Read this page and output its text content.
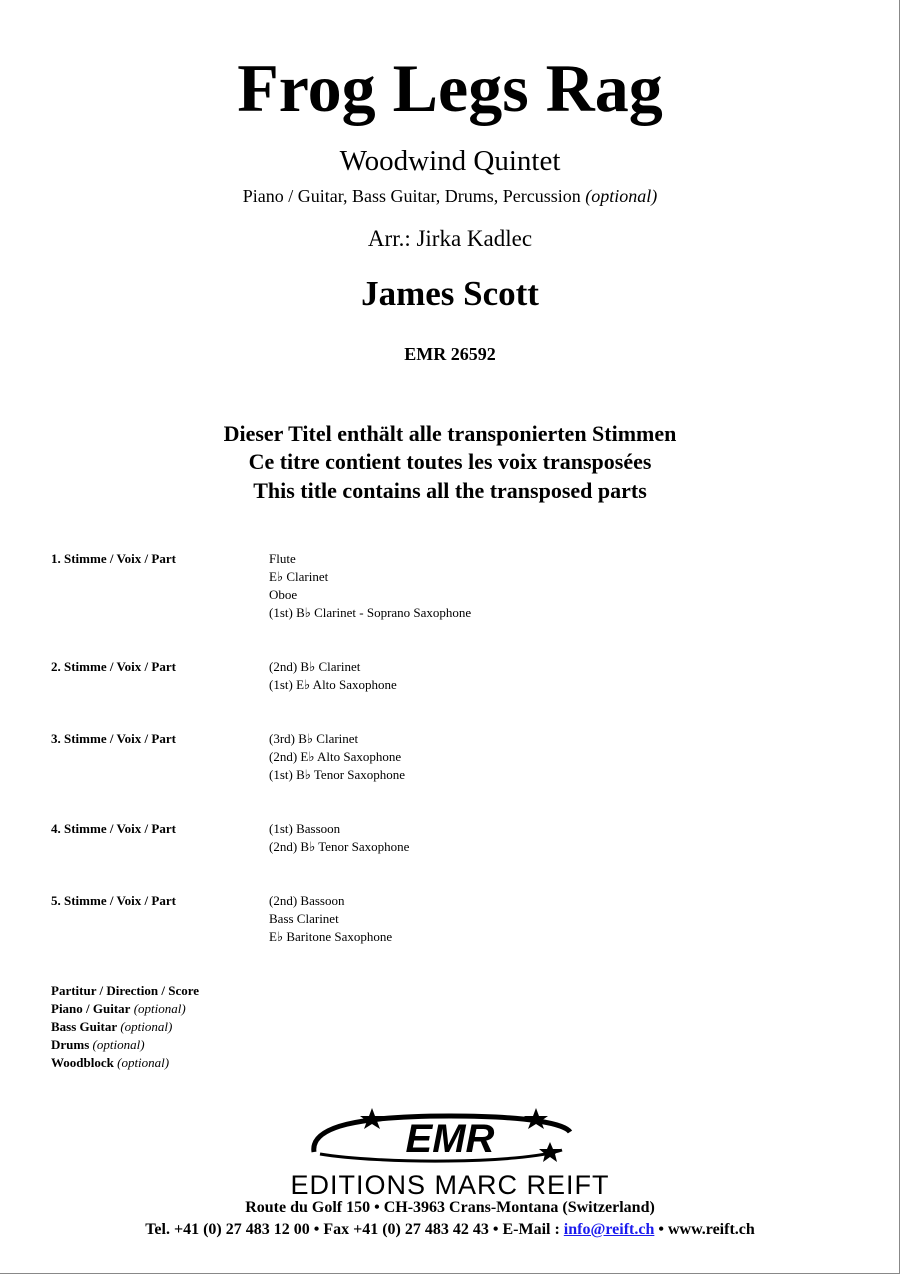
Frog Legs Rag
Woodwind Quintet
Piano / Guitar, Bass Guitar, Drums, Percussion (optional)
Arr.: Jirka Kadlec
James Scott
EMR 26592
Dieser Titel enthält alle transponierten Stimmen
Ce titre contient toutes les voix transposées
This title contains all the transposed parts
1. Stimme / Voix / Part	Flute
E♭ Clarinet
Oboe
(1st) B♭ Clarinet - Soprano Saxophone
2. Stimme / Voix / Part	(2nd) B♭ Clarinet
(1st) E♭ Alto Saxophone
3. Stimme / Voix / Part	(3rd) B♭ Clarinet
(2nd) E♭ Alto Saxophone
(1st) B♭ Tenor Saxophone
4. Stimme / Voix / Part	(1st) Bassoon
(2nd) B♭ Tenor Saxophone
5. Stimme / Voix / Part	(2nd) Bassoon
Bass Clarinet
E♭ Baritone Saxophone
Partitur / Direction / Score
Piano / Guitar (optional)
Bass Guitar (optional)
Drums (optional)
Woodblock (optional)
EMR
EDITIONS MARC REIFT
Route du Golf 150 • CH-3963 Crans-Montana (Switzerland)
Tel. +41 (0) 27 483 12 00 • Fax +41 (0) 27 483 42 43 • E-Mail : info@reift.ch • www.reift.ch
